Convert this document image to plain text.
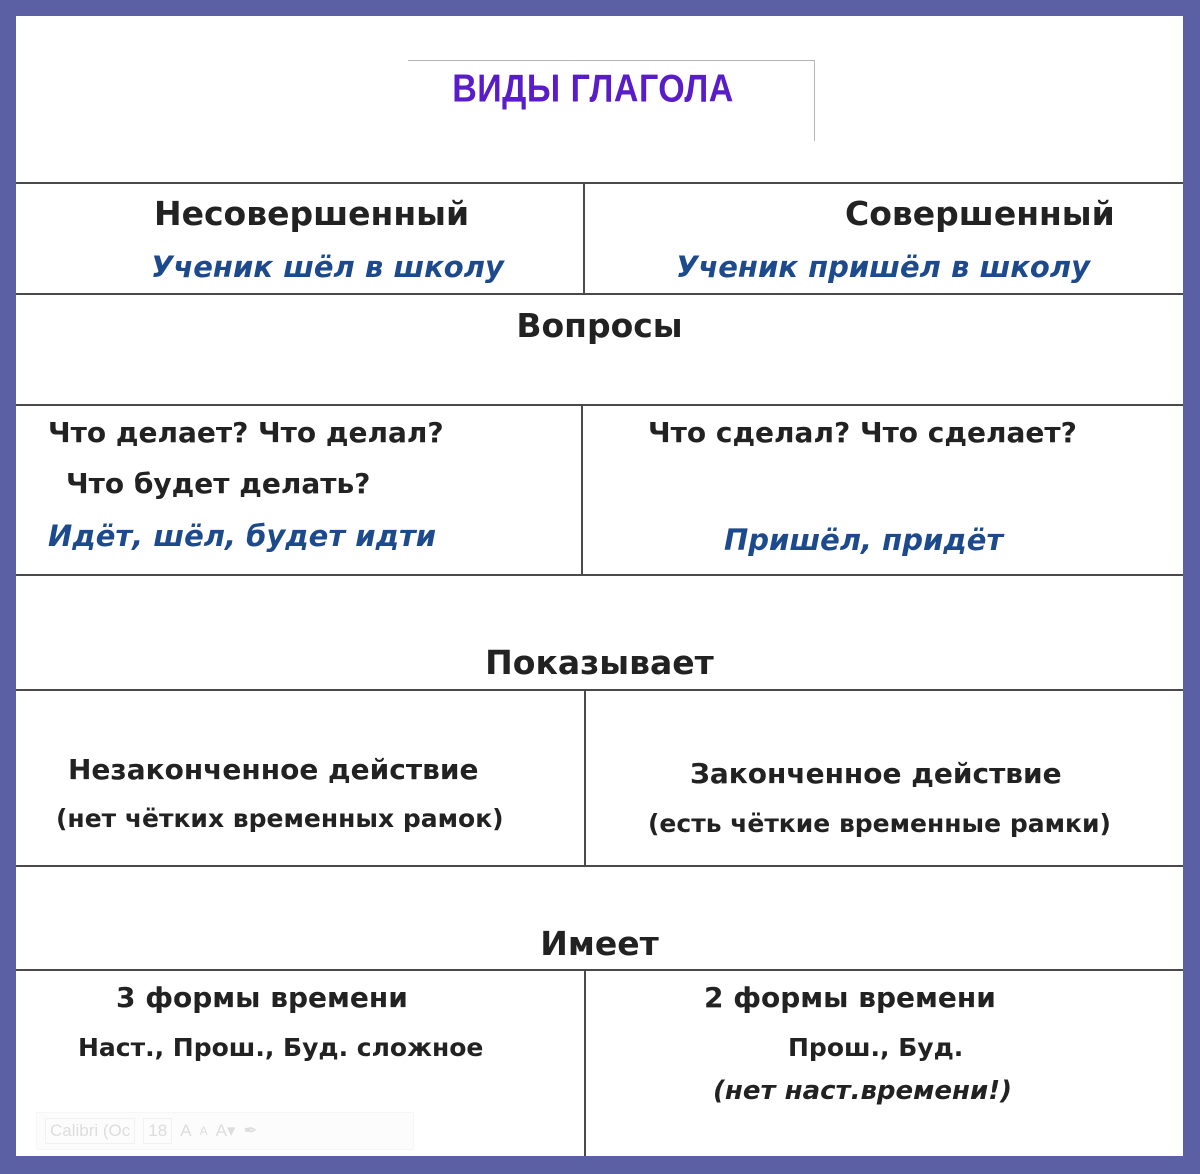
ВИДЫ ГЛАГОЛА
Несовершенный
Ученик шёл в школу
Совершенный
Ученик пришёл в школу
Вопросы
Что делает? Что делал?
Что будет делать?
Идёт, шёл, будет идти
Что сделал? Что сделает?
Пришёл, придёт
Показывает
Незаконченное действие
(нет чётких временных рамок)
Законченное действие
(есть чёткие временные рамки)
Имеет
3 формы времени
Наст., Прош., Буд. сложное
2 формы времени
Прош., Буд.
(нет наст.времени!)
Calibri (Oc 18 A A A▾ ✒
